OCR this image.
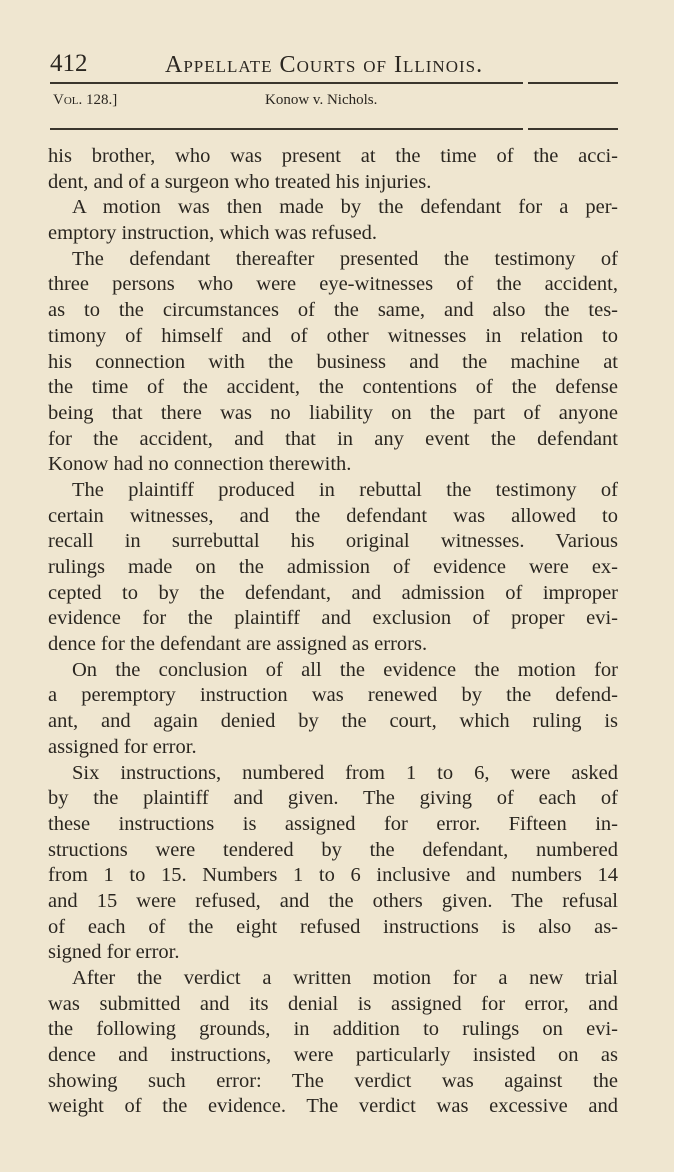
412	Appellate Courts of Illinois.
Vol. 128.]	Konow v. Nichols.
his brother, who was present at the time of the acci-
dent, and of a surgeon who treated his injuries.
A motion was then made by the defendant for a per-
emptory instruction, which was refused.
The defendant thereafter presented the testimony of
three persons who were eye-witnesses of the accident,
as to the circumstances of the same, and also the tes-
timony of himself and of other witnesses in relation to
his connection with the business and the machine at
the time of the accident, the contentions of the defense
being that there was no liability on the part of anyone
for the accident, and that in any event the defendant
Konow had no connection therewith.
The plaintiff produced in rebuttal the testimony of
certain witnesses, and the defendant was allowed to
recall in surrebuttal his original witnesses. Various
rulings made on the admission of evidence were ex-
cepted to by the defendant, and admission of improper
evidence for the plaintiff and exclusion of proper evi-
dence for the defendant are assigned as errors.
On the conclusion of all the evidence the motion for
a peremptory instruction was renewed by the defend-
ant, and again denied by the court, which ruling is
assigned for error.
Six instructions, numbered from 1 to 6, were asked
by the plaintiff and given. The giving of each of
these instructions is assigned for error. Fifteen in-
structions were tendered by the defendant, numbered
from 1 to 15. Numbers 1 to 6 inclusive and numbers 14
and 15 were refused, and the others given. The refusal
of each of the eight refused instructions is also as-
signed for error.
After the verdict a written motion for a new trial
was submitted and its denial is assigned for error, and
the following grounds, in addition to rulings on evi-
dence and instructions, were particularly insisted on as
showing such error: The verdict was against the
weight of the evidence. The verdict was excessive and
